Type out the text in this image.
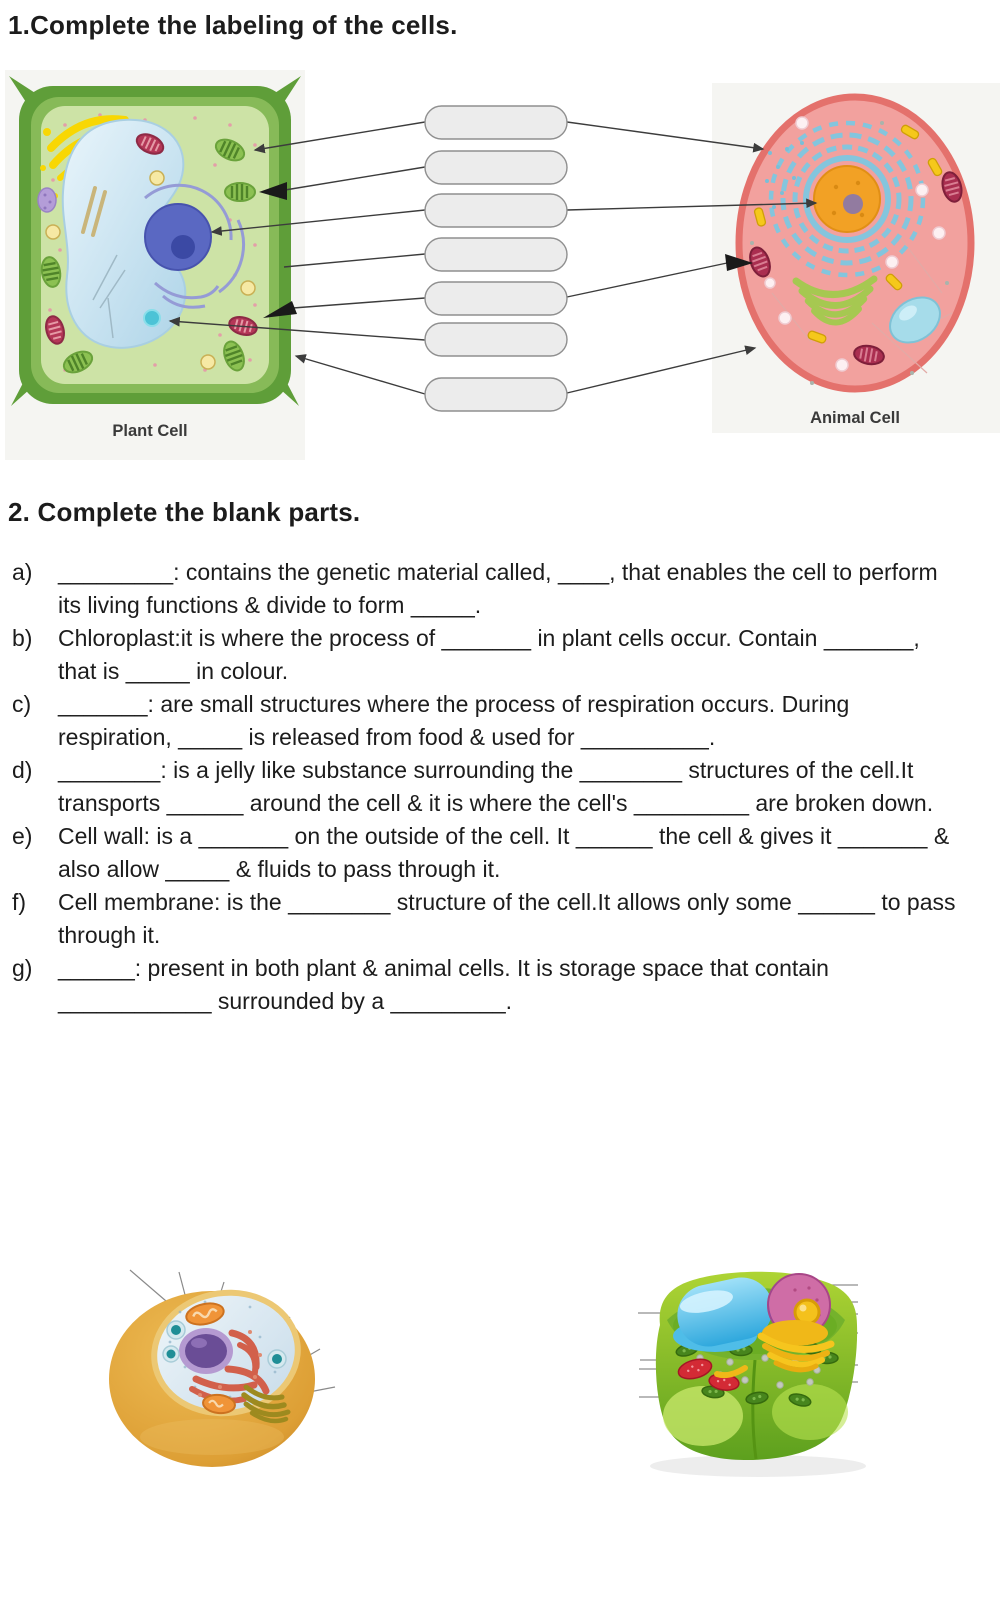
1.Complete the labeling of the cells.
Plant Cell
Animal Cell
2. Complete the blank parts.
a)	_________: contains the genetic material called, ____, that enables the cell to perform its living functions & divide to form _____.
b)	Chloroplast:it is where the process of _______ in plant cells occur. Contain _______, that is _____ in colour.
c)	_______: are small structures where the process of respiration occurs. During respiration, _____ is released from food & used for __________.
d)	________: is a jelly like substance surrounding the ________ structures of the cell.It transports ______ around the cell & it is where the cell's _________ are broken down.
e)	Cell wall: is a _______ on the outside of the cell. It ______ the cell & gives it _______ & also allow _____ & fluids to pass through it.
f)	Cell membrane: is the ________ structure of the cell.It allows only some ______ to pass through it.
g)	______: present in both plant & animal cells. It is storage space that contain ____________ surrounded by a _________.
